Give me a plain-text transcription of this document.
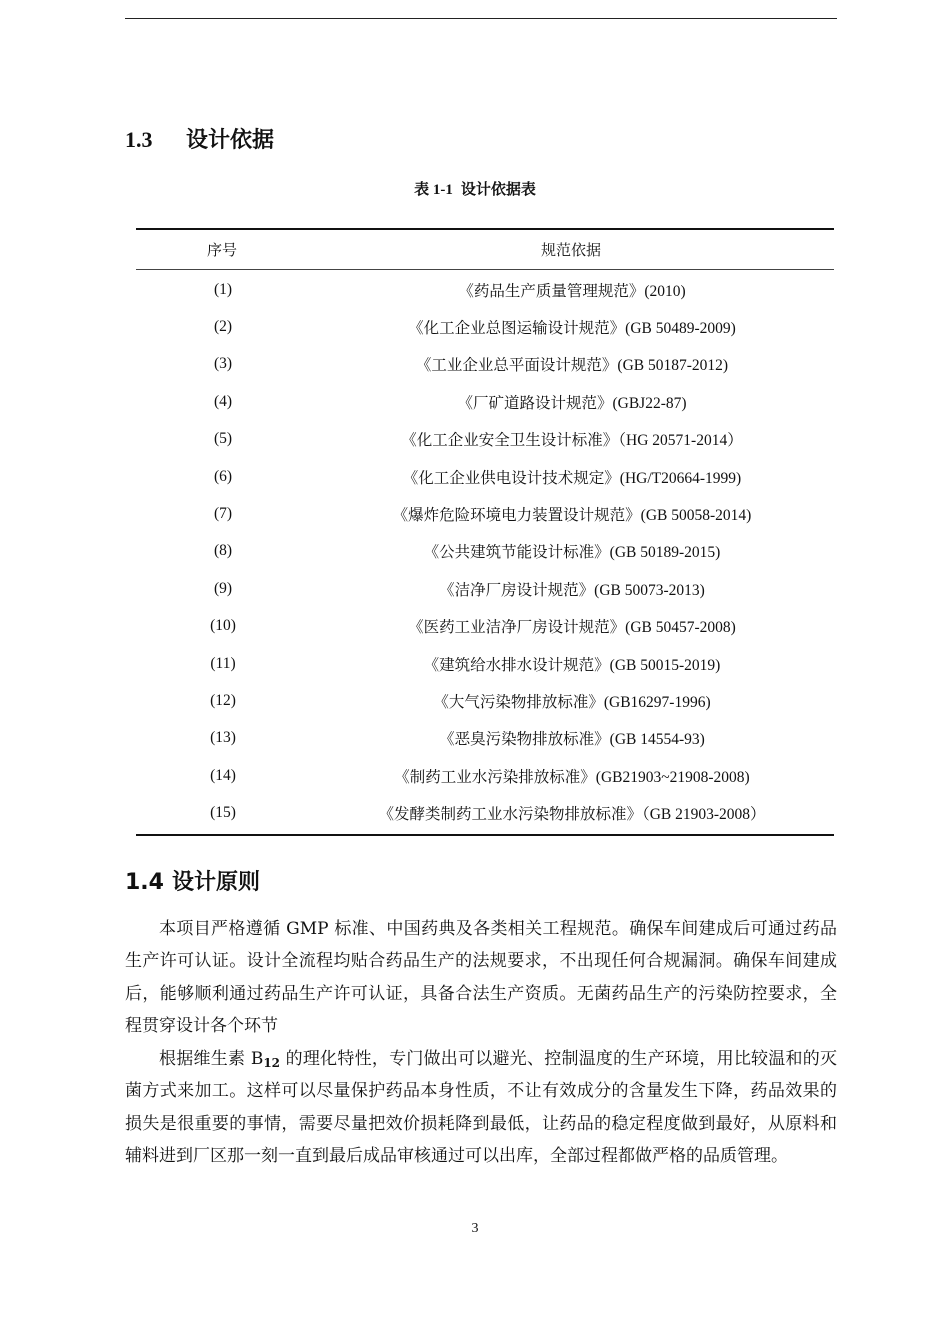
1.3 设计依据
表 1-1 设计依据表
序号	规范依据
(1)	《药品生产质量管理规范》(2010)
(2)	《化工企业总图运输设计规范》(GB 50489-2009)
(3)	《工业企业总平面设计规范》(GB 50187-2012)
(4)	《厂矿道路设计规范》(GBJ22-87)
(5)	《化工企业安全卫生设计标准》（HG 20571-2014）
(6)	《化工企业供电设计技术规定》(HG/T20664-1999)
(7)	《爆炸危险环境电力装置设计规范》(GB 50058-2014)
(8)	《公共建筑节能设计标准》(GB 50189-2015)
(9)	《洁净厂房设计规范》(GB 50073-2013)
(10)	《医药工业洁净厂房设计规范》(GB 50457-2008)
(11)	《建筑给水排水设计规范》(GB 50015-2019)
(12)	《大气污染物排放标准》(GB16297-1996)
(13)	《恶臭污染物排放标准》(GB 14554-93)
(14)	《制药工业水污染排放标准》(GB21903~21908-2008)
(15)	《发酵类制药工业水污染物排放标准》（GB 21903-2008）
1.4 设计原则

本项目严格遵循 GMP 标准、中国药典及各类相关工程规范。确保车间建成后可通过药品生产许可认证。设计全流程均贴合药品生产的法规要求，不出现任何合规漏洞。确保车间建成后，能够顺利通过药品生产许可认证，具备合法生产资质。无菌药品生产的污染防控要求，全程贯穿设计各个环节

根据维生素 $B_{12}$ 的理化特性，专门做出可以避光、控制温度的生产环境，用比较温和的灭菌方式来加工。这样可以尽量保护药品本身性质，不让有效成分的含量发生下降，药品效果的损失是很重要的事情，需要尽量把效价损耗降到最低，让药品的稳定程度做到最好，从原料和辅料进到厂区那一刻一直到最后成品审核通过可以出库，全部过程都做严格的品质管理。

3
